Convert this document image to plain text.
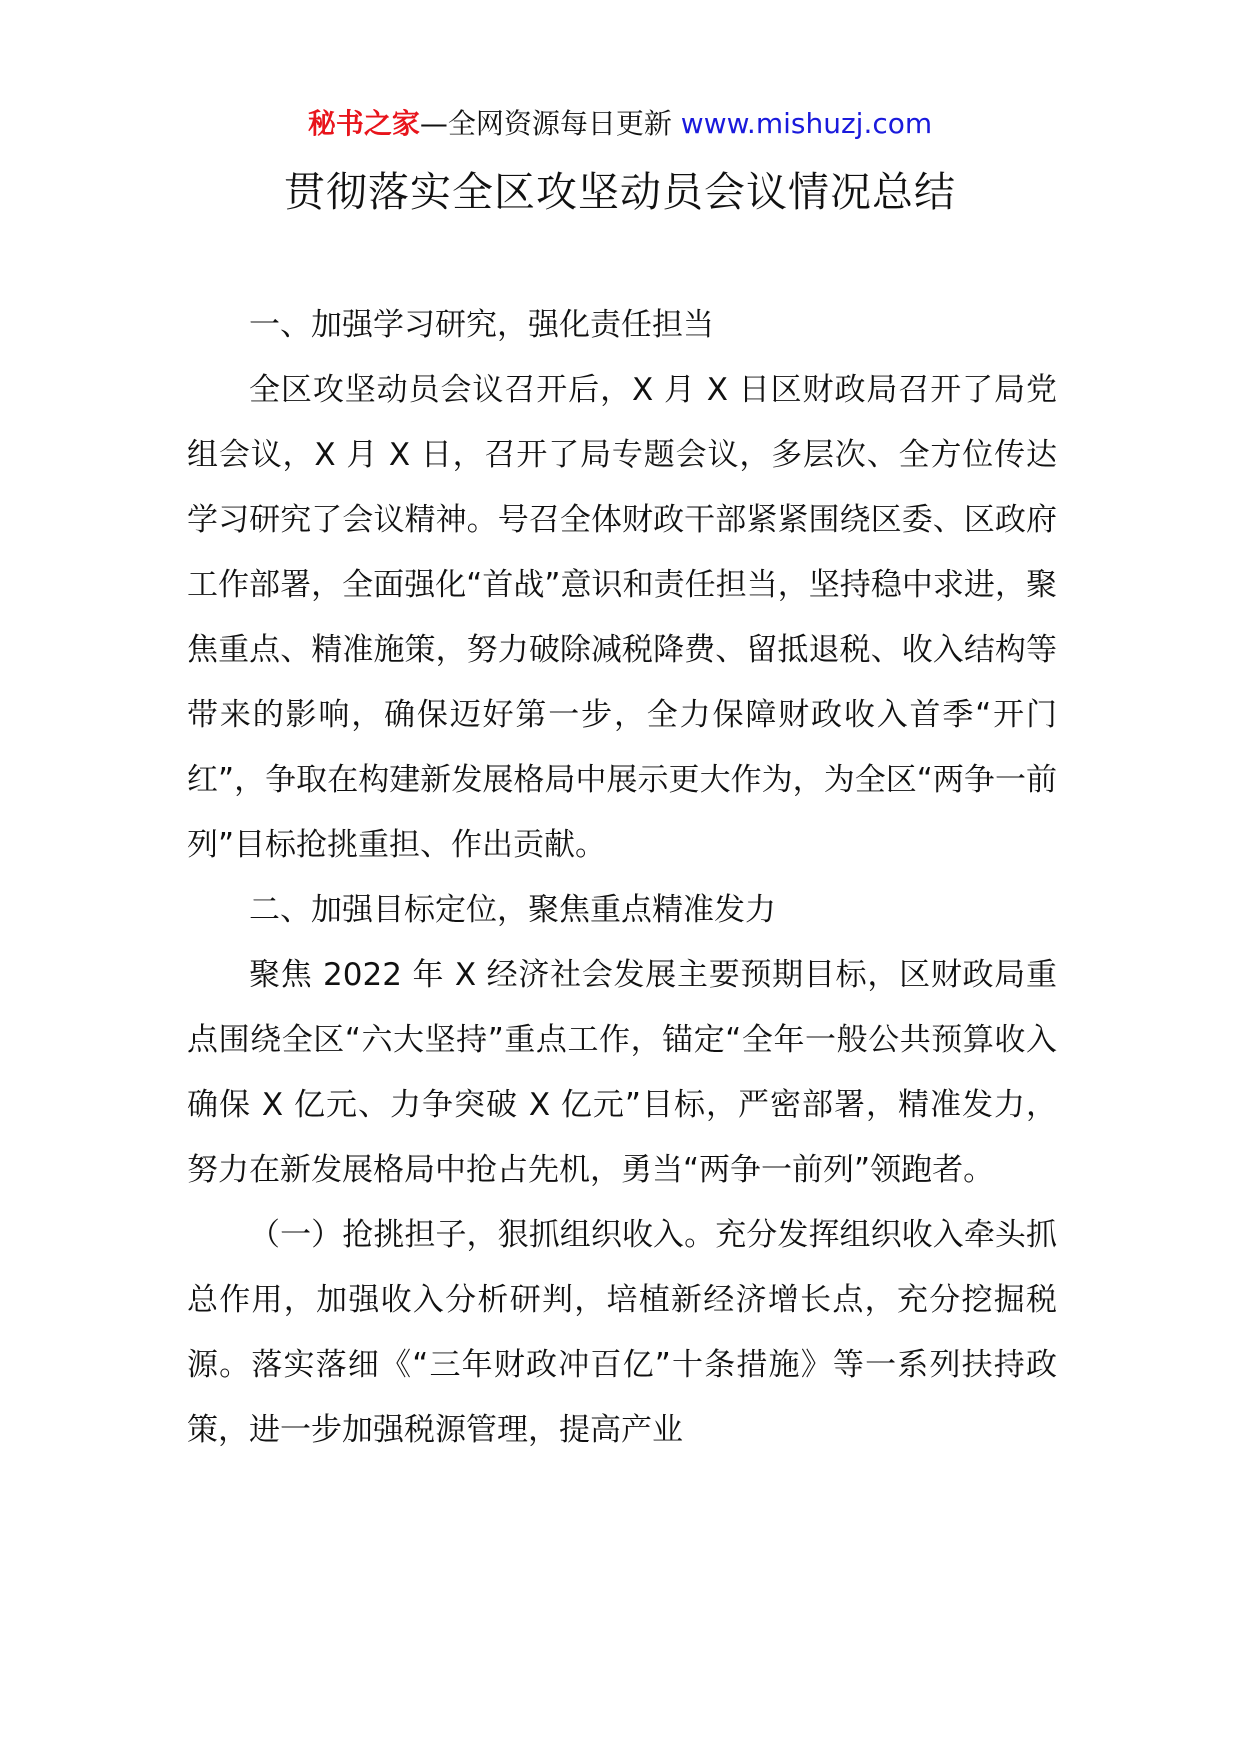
秘书之家—全网资源每日更新 www.mishuzj.com
贯彻落实全区攻坚动员会议情况总结

一、加强学习研究，强化责任担当

全区攻坚动员会议召开后，X 月 X 日区财政局召开了局党组会议，X 月 X 日，召开了局专题会议，多层次、全方位传达学习研究了会议精神。号召全体财政干部紧紧围绕区委、区政府工作部署，全面强化“首战”意识和责任担当，坚持稳中求进，聚焦重点、精准施策，努力破除减税降费、留抵退税、收入结构等带来的影响，确保迈好第一步，全力保障财政收入首季“开门红”，争取在构建新发展格局中展示更大作为，为全区“两争一前列”目标抢挑重担、作出贡献。

二、加强目标定位，聚焦重点精准发力

聚焦 2022 年 X 经济社会发展主要预期目标，区财政局重点围绕全区“六大坚持”重点工作，锚定“全年一般公共预算收入确保 X 亿元、力争突破 X 亿元”目标，严密部署，精准发力，努力在新发展格局中抢占先机，勇当“两争一前列”领跑者。

（一）抢挑担子，狠抓组织收入。充分发挥组织收入牵头抓总作用，加强收入分析研判，培植新经济增长点，充分挖掘税源。落实落细《“三年财政冲百亿”十条措施》等一系列扶持政策，进一步加强税源管理，提高产业
